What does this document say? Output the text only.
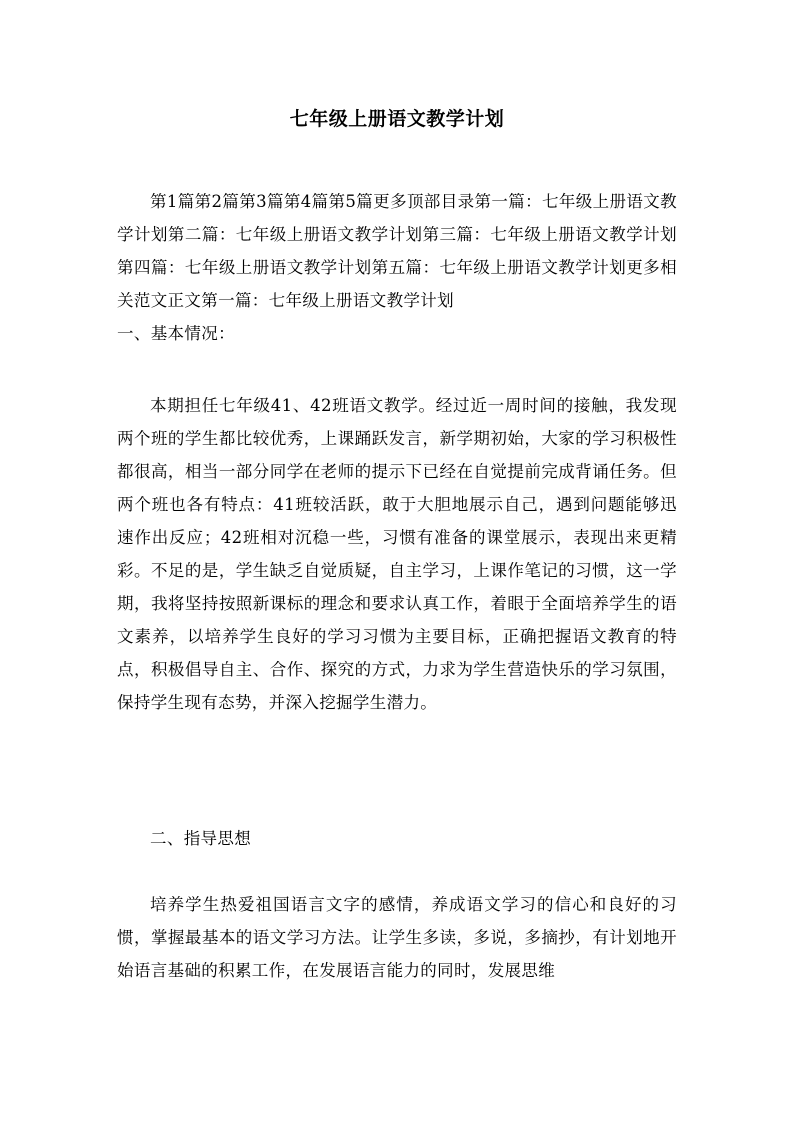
七年级上册语文教学计划

第1篇第2篇第3篇第4篇第5篇更多顶部目录第一篇：七年级上册语文教学计划第二篇：七年级上册语文教学计划第三篇：七年级上册语文教学计划第四篇：七年级上册语文教学计划第五篇：七年级上册语文教学计划更多相关范文正文第一篇：七年级上册语文教学计划

一、基本情况：

本期担任七年级41、42班语文教学。经过近一周时间的接触，我发现两个班的学生都比较优秀，上课踊跃发言，新学期初始，大家的学习积极性都很高，相当一部分同学在老师的提示下已经在自觉提前完成背诵任务。但两个班也各有特点：41班较活跃，敢于大胆地展示自己，遇到问题能够迅速作出反应；42班相对沉稳一些，习惯有准备的课堂展示，表现出来更精彩。不足的是，学生缺乏自觉质疑，自主学习，上课作笔记的习惯，这一学期，我将坚持按照新课标的理念和要求认真工作，着眼于全面培养学生的语文素养，以培养学生良好的学习习惯为主要目标，正确把握语文教育的特点，积极倡导自主、合作、探究的方式，力求为学生营造快乐的学习氛围，保持学生现有态势，并深入挖掘学生潜力。

二、指导思想

培养学生热爱祖国语言文字的感情，养成语文学习的信心和良好的习惯，掌握最基本的语文学习方法。让学生多读，多说，多摘抄，有计划地开始语言基础的积累工作，在发展语言能力的同时，发展思维
